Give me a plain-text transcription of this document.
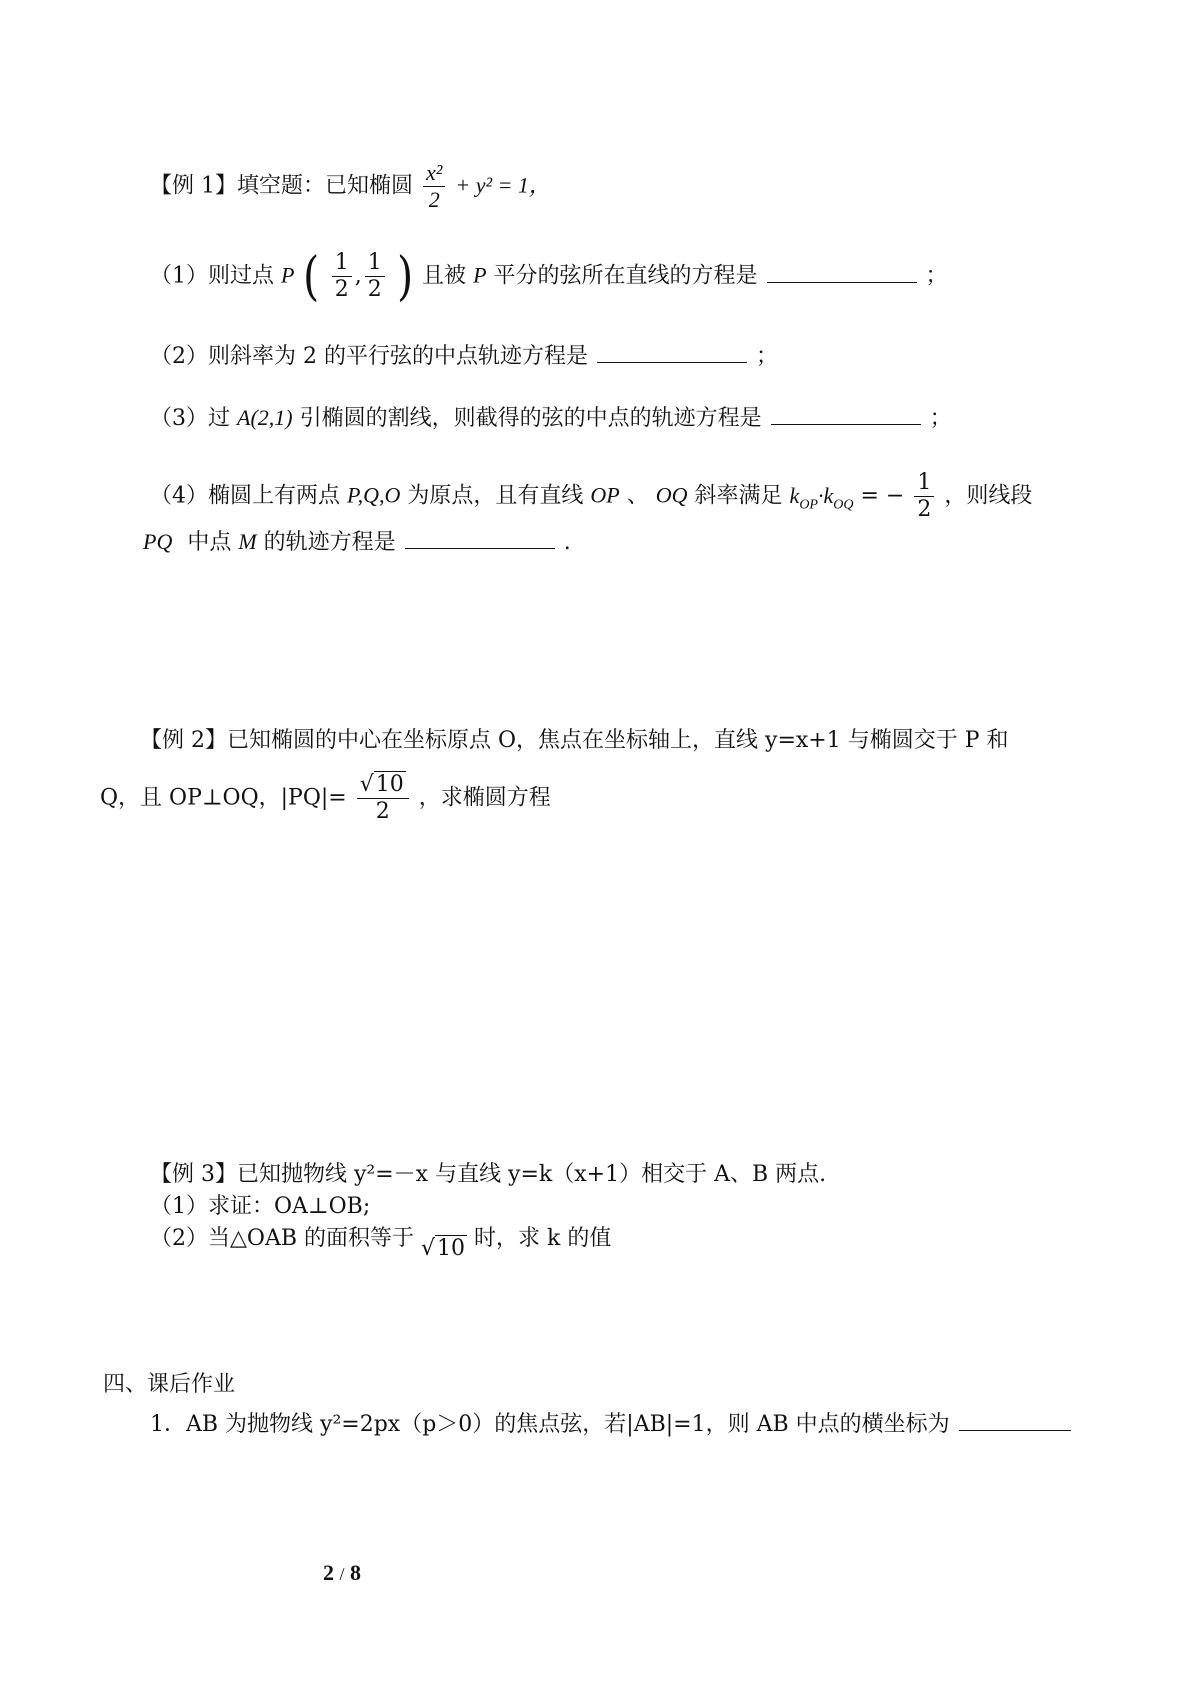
【例 1】填空题：已知椭圆 $\frac{\text{x²}}{2} + y^2 = 1$，
（1）则过点 P ( $\frac{1}{2}$ , $\frac{1}{2}$ ) 且被 P 平分的弦所在直线的方程是	；
（2）则斜率为 2 的平行弦的中点轨迹方程是	；
（3）过 A(2,1) 引椭圆的割线，则截得的弦的中点的轨迹方程是	；
（4）椭圆上有两点 P,Q,O 为原点，且有直线 OP 、 OQ 斜率满足 $k_{OP}\cdot k_{OQ}$ = − $\frac{1}{2}$ ，则线段
PQ 中点 M 的轨迹方程是	.
【例 2】已知椭圆的中心在坐标原点 O，焦点在坐标轴上，直线 y=x+1 与椭圆交于 P 和
Q，且 OP⊥OQ，$|PQ|= \frac{√10}{2}$ ，求椭圆方程
【例 3】已知抛物线 y²=－x 与直线 y=k（x+1）相交于 A、B 两点.
（1）求证：OA⊥OB;
（2）当△OAB 的面积等于 √10 时，求 k 的值
四、课后作业
1．AB 为抛物线 y²=2px（p＞0）的焦点弦，若|AB|=1，则 AB 中点的横坐标为
2 / 8
